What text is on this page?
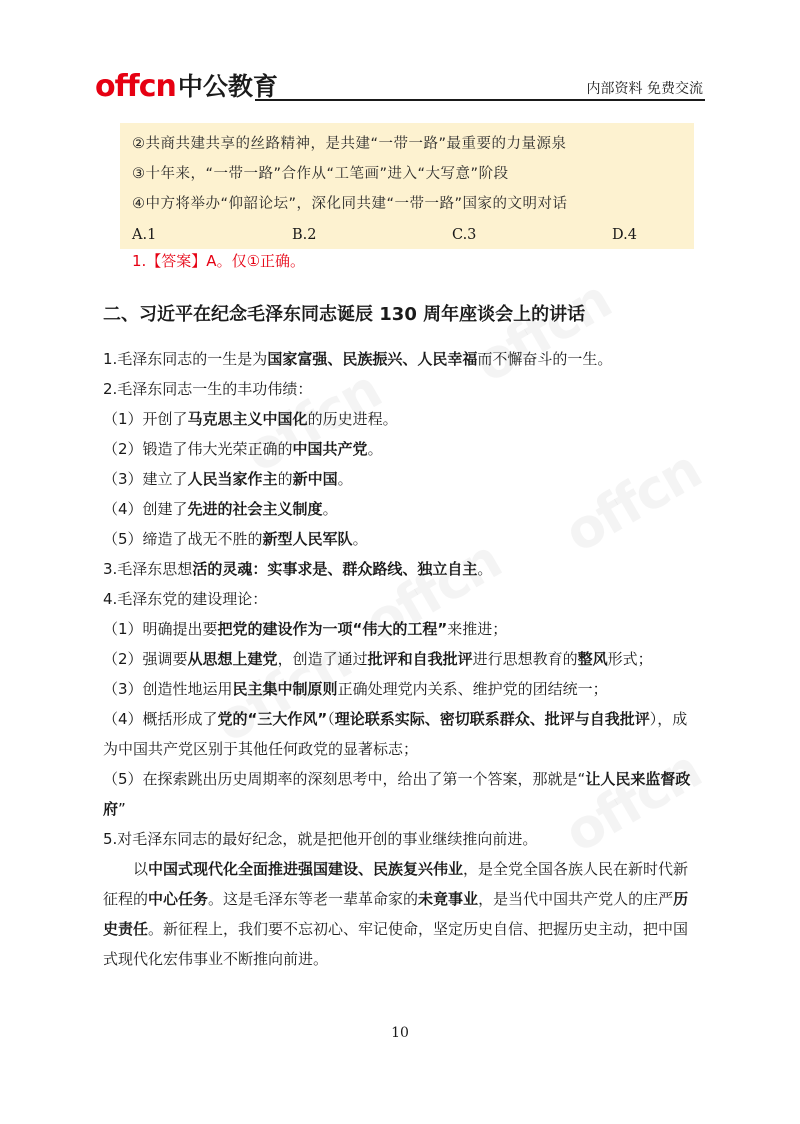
offcn 中公教育	内部资料 免费交流
②共商共建共享的丝路精神，是共建“一带一路”最重要的力量源泉
③十年来，“一带一路”合作从“工笔画”进入“大写意”阶段
④中方将举办“仰韶论坛”，深化同共建“一带一路”国家的文明对话
A.1	B.2	C.3	D.4
1.【答案】A。仅①正确。
二、习近平在纪念毛泽东同志诞辰 130 周年座谈会上的讲话
1.毛泽东同志的一生是为国家富强、民族振兴、人民幸福而不懈奋斗的一生。
2.毛泽东同志一生的丰功伟绩：
（1）开创了马克思主义中国化的历史进程。
（2）锻造了伟大光荣正确的中国共产党。
（3）建立了人民当家作主的新中国。
（4）创建了先进的社会主义制度。
（5）缔造了战无不胜的新型人民军队。
3.毛泽东思想活的灵魂：实事求是、群众路线、独立自主。
4.毛泽东党的建设理论：
（1）明确提出要把党的建设作为一项“伟大的工程”来推进；
（2）强调要从思想上建党，创造了通过批评和自我批评进行思想教育的整风形式；
（3）创造性地运用民主集中制原则正确处理党内关系、维护党的团结统一；
（4）概括形成了党的“三大作风”（理论联系实际、密切联系群众、批评与自我批评），成为中国共产党区别于其他任何政党的显著标志；
（5）在探索跳出历史周期率的深刻思考中，给出了第一个答案，那就是“让人民来监督政府”
5.对毛泽东同志的最好纪念，就是把他开创的事业继续推向前进。
以中国式现代化全面推进强国建设、民族复兴伟业，是全党全国各族人民在新时代新征程的中心任务。这是毛泽东等老一辈革命家的未竟事业，是当代中国共产党人的庄严历史责任。新征程上，我们要不忘初心、牢记使命，坚定历史自信、把握历史主动，把中国式现代化宏伟事业不断推向前进。
10
